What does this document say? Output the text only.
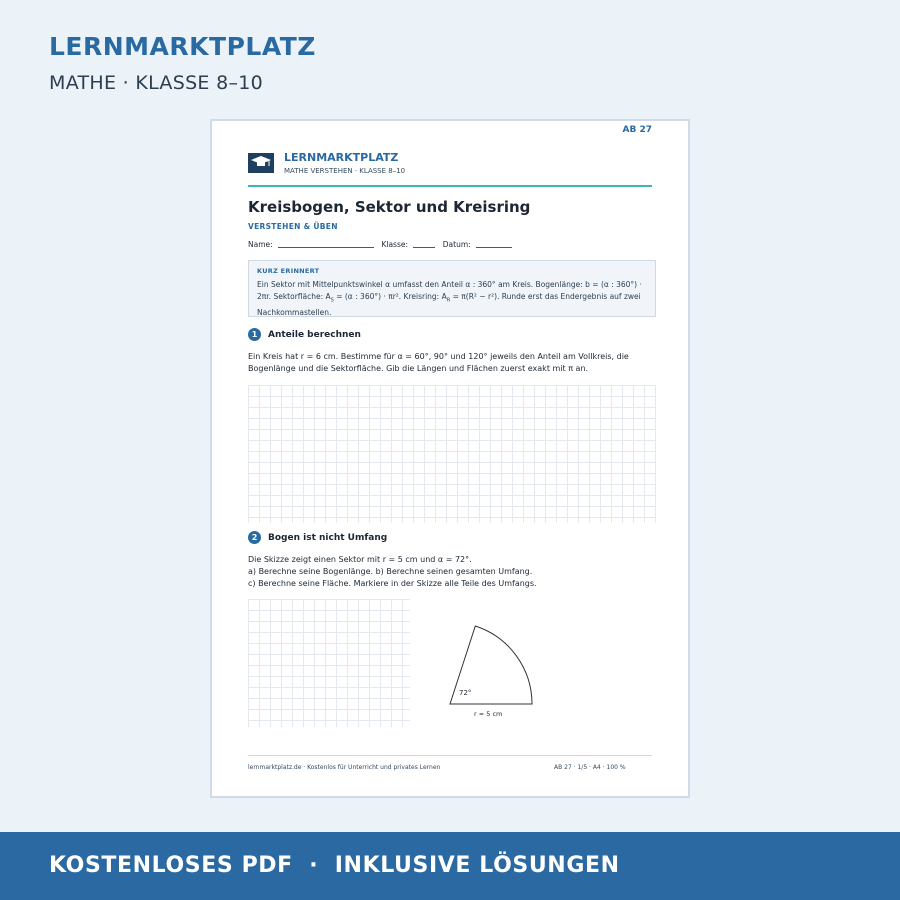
LERNMARKTPLATZ
MATHE · KLASSE 8–10
LERNMARKTPLATZ
MATHE VERSTEHEN · KLASSE 8–10
AB 27
Kreisbogen, Sektor und Kreisring
VERSTEHEN & ÜBEN
Name:	Klasse:	Datum:
KURZ ERINNERT
Ein Sektor mit Mittelpunktswinkel α umfasst den Anteil α : 360° am Kreis. Bogenlänge: b = (α : 360°) ·
2πr. Sektorfläche: $A_S = (\alpha$ : 360°) · πr². Kreisring: $A_R = \pi(R^2 - r^2)$. Runde erst das Endergebnis auf zwei
Nachkommastellen.
1 Anteile berechnen
Ein Kreis hat r = 6 cm. Bestimme für α = 60°, 90° und 120° jeweils den Anteil am Vollkreis, die
Bogenlänge und die Sektorfläche. Gib die Längen und Flächen zuerst exakt mit π an.
2 Bogen ist nicht Umfang
Die Skizze zeigt einen Sektor mit r = 5 cm und α = 72°.
a) Berechne seine Bogenlänge. b) Berechne seinen gesamten Umfang.
c) Berechne seine Fläche. Markiere in der Skizze alle Teile des Umfangs.
72°
r = 5 cm
lernmarktplatz.de · Kostenlos für Unterricht und privates Lernen	AB 27 · 1/5 · A4 · 100 %
KOSTENLOSES PDF  ·  INKLUSIVE LÖSUNGEN
